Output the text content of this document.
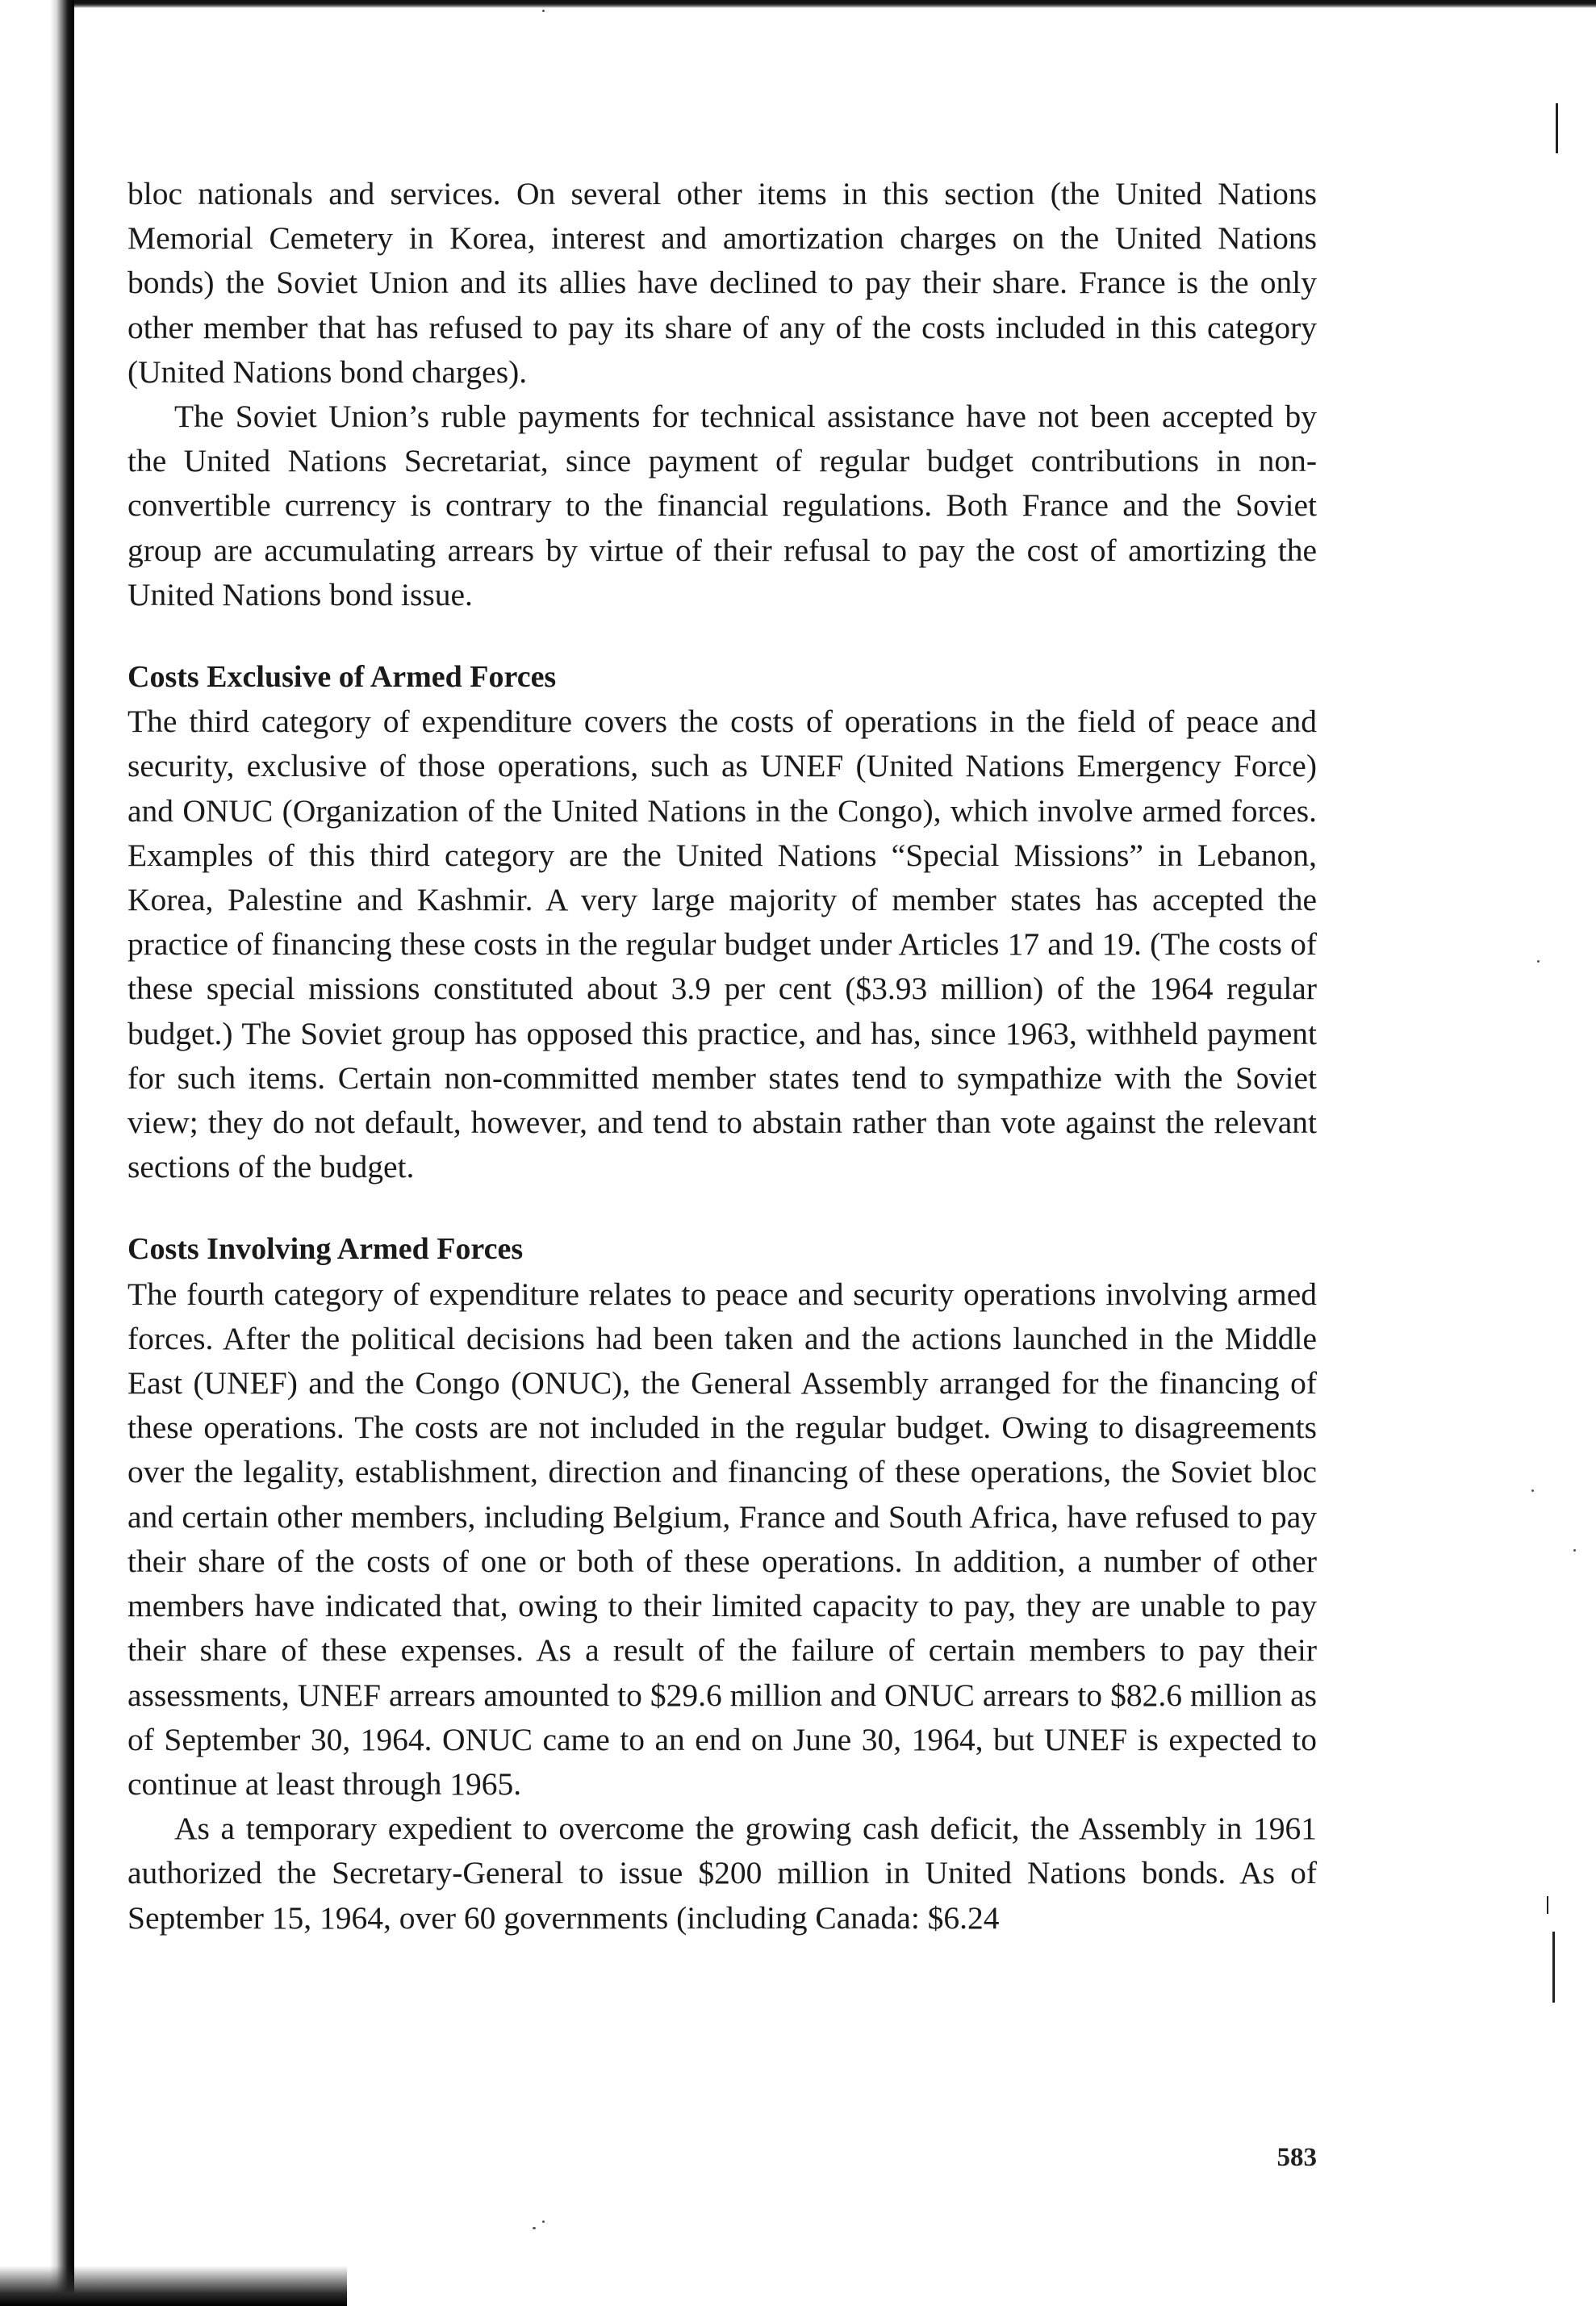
bloc nationals and services. On several other items in this section (the United Nations Memorial Cemetery in Korea, interest and amortization charges on the United Nations bonds) the Soviet Union and its allies have declined to pay their share. France is the only other member that has refused to pay its share of any of the costs included in this category (United Nations bond charges).

The Soviet Union’s ruble payments for technical assistance have not been accepted by the United Nations Secretariat, since payment of regular budget contributions in non-convertible currency is contrary to the financial regulations. Both France and the Soviet group are accumulating arrears by virtue of their refusal to pay the cost of amortizing the United Nations bond issue.

Costs Exclusive of Armed Forces

The third category of expenditure covers the costs of operations in the field of peace and security, exclusive of those operations, such as UNEF (United Nations Emergency Force) and ONUC (Organization of the United Nations in the Congo), which involve armed forces. Examples of this third category are the United Nations “Special Missions” in Lebanon, Korea, Palestine and Kashmir. A very large majority of member states has accepted the practice of financing these costs in the regular budget under Articles 17 and 19. (The costs of these special missions constituted about 3.9 per cent ($3.93 million) of the 1964 regular budget.) The Soviet group has opposed this practice, and has, since 1963, withheld payment for such items. Certain non-committed member states tend to sympathize with the Soviet view; they do not default, however, and tend to abstain rather than vote against the relevant sections of the budget.

Costs Involving Armed Forces

The fourth category of expenditure relates to peace and security operations involving armed forces. After the political decisions had been taken and the actions launched in the Middle East (UNEF) and the Congo (ONUC), the General Assembly arranged for the financing of these operations. The costs are not included in the regular budget. Owing to disagreements over the legality, establishment, direction and financing of these operations, the Soviet bloc and certain other members, including Belgium, France and South Africa, have refused to pay their share of the costs of one or both of these operations. In addition, a number of other members have indicated that, owing to their limited capacity to pay, they are unable to pay their share of these expenses. As a result of the failure of certain members to pay their assessments, UNEF arrears amounted to $29.6 million and ONUC arrears to $82.6 million as of September 30, 1964. ONUC came to an end on June 30, 1964, but UNEF is expected to continue at least through 1965.

As a temporary expedient to overcome the growing cash deficit, the Assembly in 1961 authorized the Secretary-General to issue $200 million in United Nations bonds. As of September 15, 1964, over 60 governments (including Canada: $6.24

583
